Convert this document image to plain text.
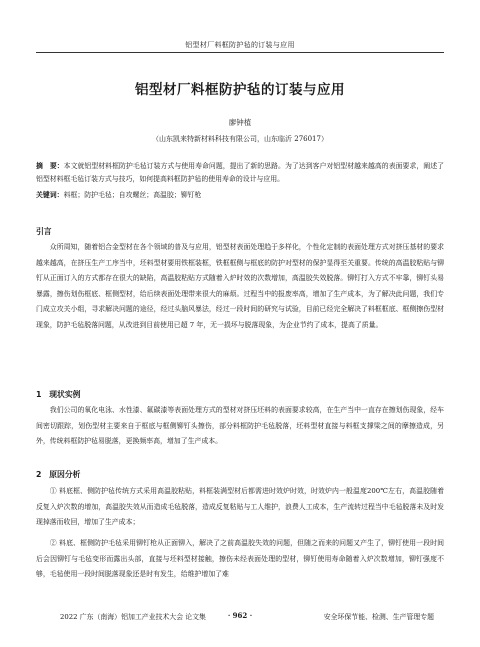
铝型材厂料框防护毡的订装与应用
铝型材厂料框防护毡的订装与应用
廖钟植
（山东凯来特新材料科技有限公司，山东临沂 276017）
摘　要：本文就铝型材料框防护毛毡订装方式与使用寿命问题，提出了新的思路。为了达到客户对铝型材越来越高的表面要求，阐述了铝型材料框毛毡订装方式与技巧，如何提高料框防护毡的使用寿命的设计与应用。
关键词：料框；防护毛毡；自攻螺丝；高温胶；铆钉枪
引言

众所周知，随着铝合金型材在各个领域的普及与应用，铝型材表面处理趋于多样化，个性化定制的表面处理方式对挤压基材的要求越来越高，在挤压生产工序当中，坯料型材要用铁框装框，铁框框侧与框底的防护对型材的保护显得至关重要。传统的高温胶粘贴与铆钉从正面订入的方式都存在很大的缺陷，高温胶粘贴方式随着入炉时效的次数增加，高温胶失效脱落。铆钉打入方式不牢靠，铆钉头易暴露，擦伤划伤框底、框侧型材，给后续表面处理带来很大的麻烦。过程当中的报废率高，增加了生产成本，为了解决此问题，我们专门成立攻关小组，寻求解决问题的途径，经过头脑风暴法，经过一段时间的研究与试验，目前已经完全解决了料框框底、框侧擦伤型材现象，防护毛毡脱落问题，从改进到目前使用已超 7 年，无一损坏与脱落现象，为企业节约了成本，提高了质量。

1　现状实例

我们公司的氧化电泳、水性漆、氟碳漆等表面处理方式的型材对挤压坯料的表面要求较高，在生产当中一直存在擦划伤现象，经车间密切跟踪，划伤型材主要来自于框底与框侧铆钉头擦伤，部分料框防护毛毡脱落，坯料型材直接与料框支撑梁之间的摩擦造成，另外，传统料框防护毡易脱落，更换频率高，增加了生产成本。

2　原因分析

① 料底框、侧防护毡传统方式采用高温胶粘贴，料框装满型材后都需进时效炉时效，时效炉内一般温度200℃左右，高温胶随着反复入炉次数的增加，高温胶失效从而造成毛毡脱落，造成反复粘贴与工人维护，浪费人工成本，生产流转过程当中毛毡脱落未及时发现掉落而收回，增加了生产成本；

② 料底、框侧防护毛毡采用铆钉枪从正面铆入，解决了之前高温胶失效的问题，但随之而来的问题又产生了，铆钉使用一段时间后会因铆钉与毛毡变形而露出头部，直接与坯料型材接触，擦伤未经表面处理的型材，铆钉使用寿命随着入炉次数增加，铆钉强度不够，毛毡使用一段时间脱落现象还是时有发生，给维护增加了难

2022 广东（南海）铝加工产业技术大会 论文集	· 962 ·	安全环保节能、检测、生产管理专题
